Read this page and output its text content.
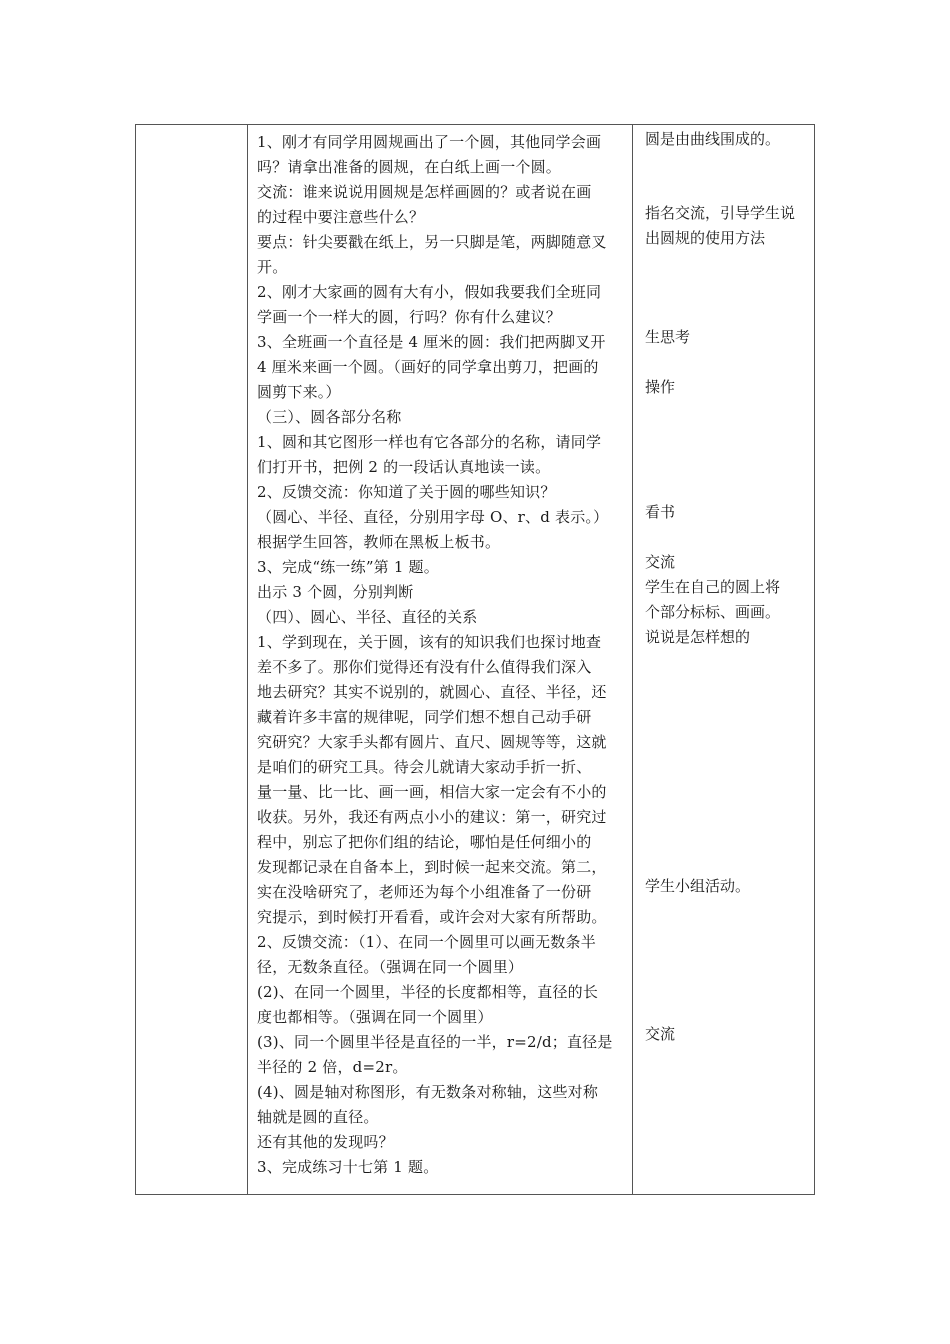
1、刚才有同学用圆规画出了一个圆，其他同学会画
吗？请拿出准备的圆规，在白纸上画一个圆。
交流：谁来说说用圆规是怎样画圆的？或者说在画
的过程中要注意些什么？
要点：针尖要戳在纸上，另一只脚是笔，两脚随意叉
开。
2、刚才大家画的圆有大有小，假如我要我们全班同
学画一个一样大的圆，行吗？你有什么建议？
3、全班画一个直径是 4 厘米的圆：我们把两脚叉开
4 厘米来画一个圆。（画好的同学拿出剪刀，把画的
圆剪下来。）
（三）、圆各部分名称
1、圆和其它图形一样也有它各部分的名称，请同学
们打开书，把例 2 的一段话认真地读一读。
2、反馈交流：你知道了关于圆的哪些知识？
（圆心、半径、直径，分别用字母 O、r、d 表示。）
根据学生回答，教师在黑板上板书。
3、完成“练一练”第 1 题。
出示 3 个圆，分别判断
（四）、圆心、半径、直径的关系
1、学到现在，关于圆，该有的知识我们也探讨地查
差不多了。那你们觉得还有没有什么值得我们深入
地去研究？其实不说别的，就圆心、直径、半径，还
藏着许多丰富的规律呢，同学们想不想自己动手研
究研究？大家手头都有圆片、直尺、圆规等等，这就
是咱们的研究工具。待会儿就请大家动手折一折、
量一量、比一比、画一画，相信大家一定会有不小的
收获。另外，我还有两点小小的建议：第一，研究过
程中，别忘了把你们组的结论，哪怕是任何细小的
发现都记录在自备本上，到时候一起来交流。第二，
实在没啥研究了，老师还为每个小组准备了一份研
究提示，到时候打开看看，或许会对大家有所帮助。
2、反馈交流：（1）、在同一个圆里可以画无数条半
径，无数条直径。（强调在同一个圆里）
(2)、在同一个圆里，半径的长度都相等，直径的长
度也都相等。（强调在同一个圆里）
(3)、同一个圆里半径是直径的一半，r=2/d；直径是
半径的 2 倍，d=2r。
(4)、圆是轴对称图形，有无数条对称轴，这些对称
轴就是圆的直径。
还有其他的发现吗？
3、完成练习十七第 1 题。
圆是由曲线围成的。
指名交流，引导学生说
出圆规的使用方法
生思考
操作
看书
交流
学生在自己的圆上将
个部分标标、画画。
说说是怎样想的
学生小组活动。
交流
